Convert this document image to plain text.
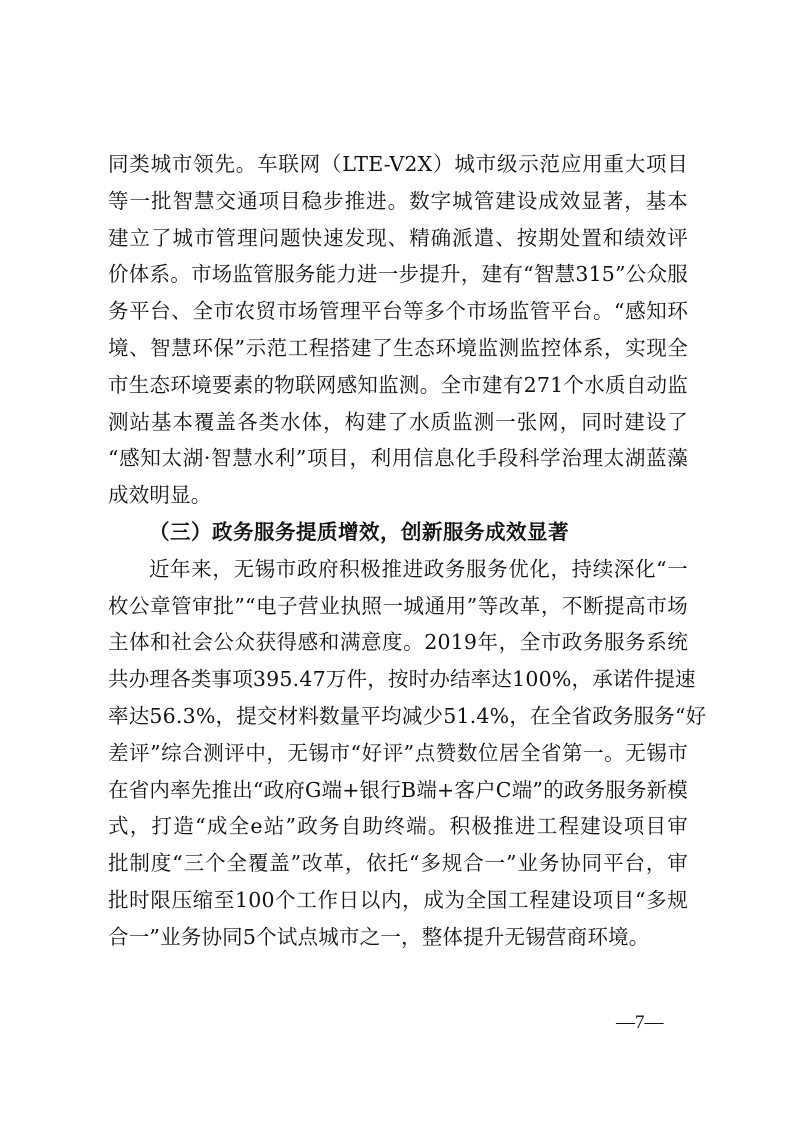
同类城市领先。车联网（LTE-V2X）城市级示范应用重大项目
等一批智慧交通项目稳步推进。数字城管建设成效显著，基本
建立了城市管理问题快速发现、精确派遣、按期处置和绩效评
价体系。市场监管服务能力进一步提升，建有“智慧315”公众服
务平台、全市农贸市场管理平台等多个市场监管平台。“感知环
境、智慧环保”示范工程搭建了生态环境监测监控体系，实现全
市生态环境要素的物联网感知监测。全市建有271个水质自动监
测站基本覆盖各类水体，构建了水质监测一张网，同时建设了
“感知太湖·智慧水利”项目，利用信息化手段科学治理太湖蓝藻
成效明显。
（三）政务服务提质增效，创新服务成效显著
近年来，无锡市政府积极推进政务服务优化，持续深化“一
枚公章管审批”“电子营业执照一城通用”等改革，不断提高市场
主体和社会公众获得感和满意度。2019年，全市政务服务系统
共办理各类事项395.47万件，按时办结率达100%，承诺件提速
率达56.3%，提交材料数量平均减少51.4%，在全省政务服务“好
差评”综合测评中，无锡市“好评”点赞数位居全省第一。无锡市
在省内率先推出“政府G端+银行B端+客户C端”的政务服务新模
式，打造“成全e站”政务自助终端。积极推进工程建设项目审
批制度“三个全覆盖”改革，依托“多规合一”业务协同平台，审
批时限压缩至100个工作日以内，成为全国工程建设项目“多规
合一”业务协同5个试点城市之一，整体提升无锡营商环境。
—7—
